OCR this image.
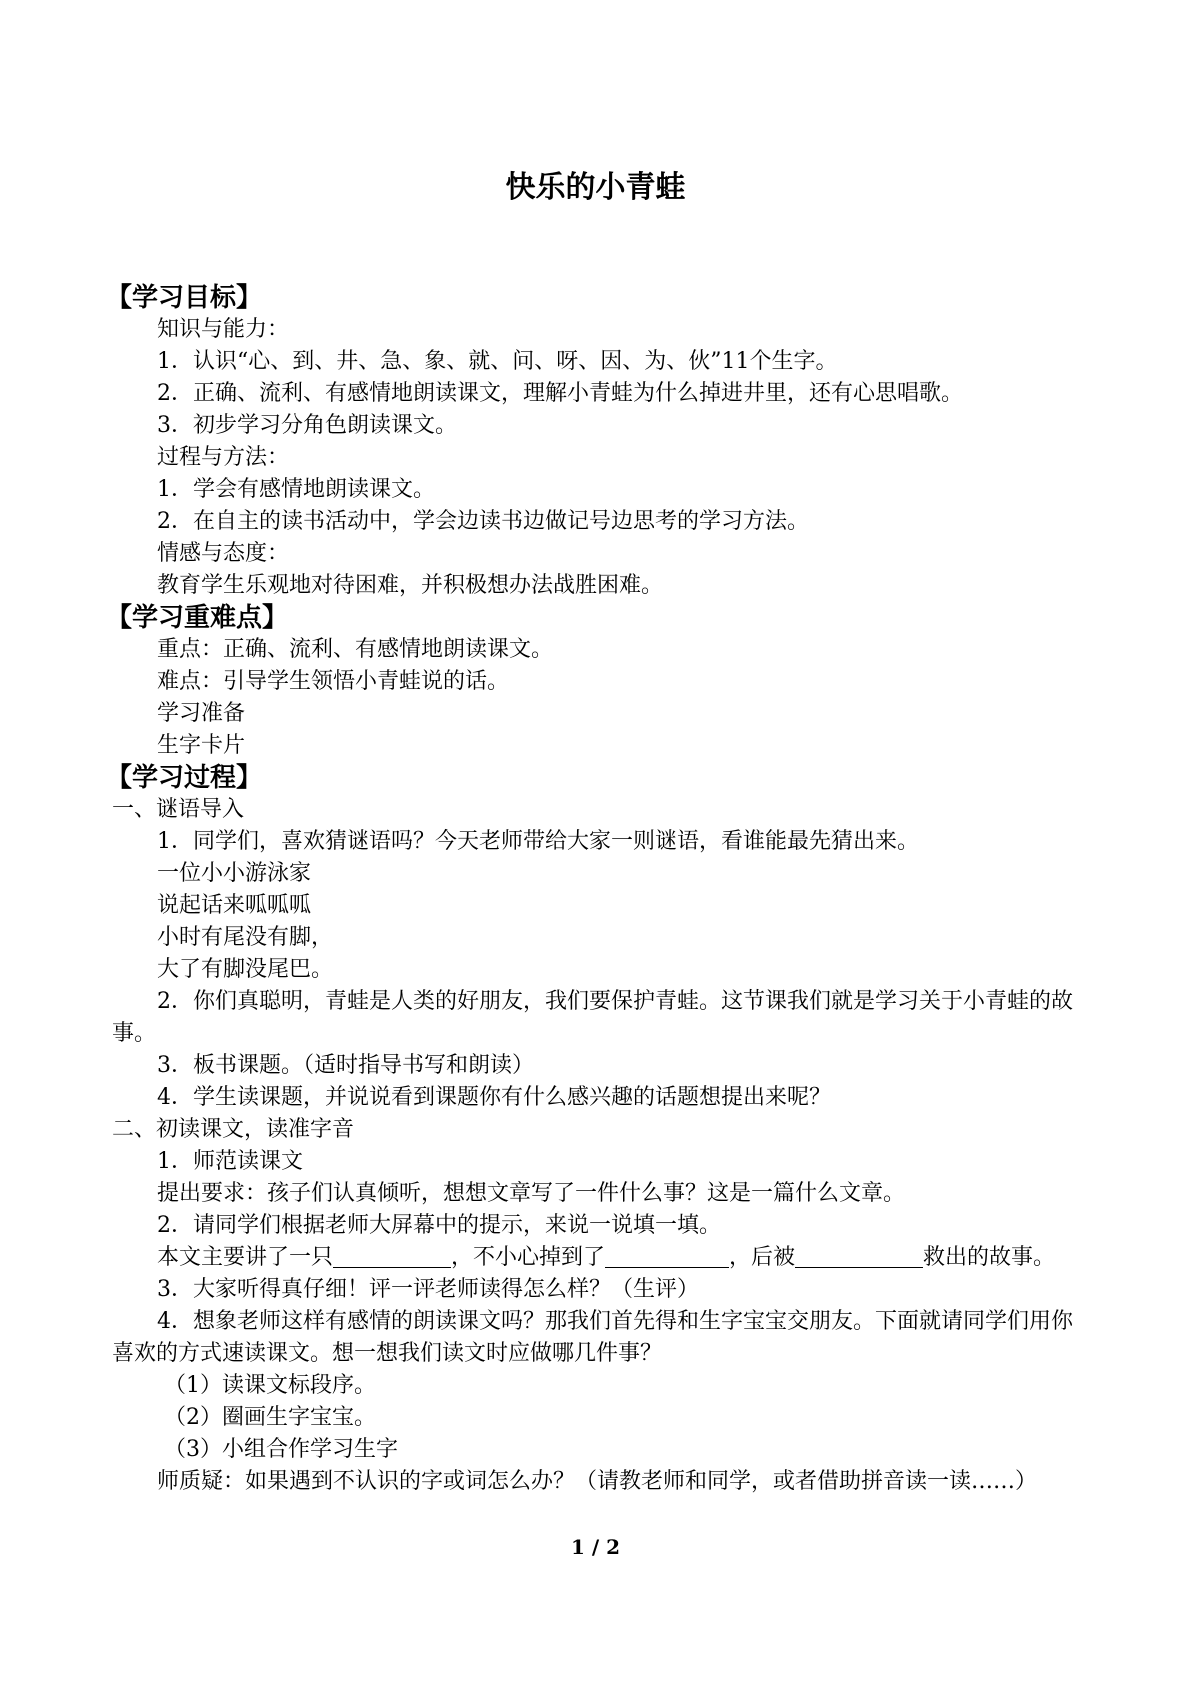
快乐的小青蛙
【学习目标】
知识与能力：
1．认识“心、到、井、急、象、就、问、呀、因、为、伙”11个生字。
2．正确、流利、有感情地朗读课文，理解小青蛙为什么掉进井里，还有心思唱歌。
3．初步学习分角色朗读课文。
过程与方法：
1．学会有感情地朗读课文。
2．在自主的读书活动中，学会边读书边做记号边思考的学习方法。
情感与态度：
教育学生乐观地对待困难，并积极想办法战胜困难。
【学习重难点】
重点：正确、流利、有感情地朗读课文。
难点：引导学生领悟小青蛙说的话。
学习准备
生字卡片
【学习过程】
一、谜语导入
1．同学们，喜欢猜谜语吗？今天老师带给大家一则谜语，看谁能最先猜出来。
一位小小游泳家
说起话来呱呱呱
小时有尾没有脚，
大了有脚没尾巴。
2．你们真聪明，青蛙是人类的好朋友，我们要保护青蛙。这节课我们就是学习关于小青蛙的故事。
3．板书课题。（适时指导书写和朗读）
4．学生读课题，并说说看到课题你有什么感兴趣的话题想提出来呢？
二、初读课文，读准字音
1．师范读课文
提出要求：孩子们认真倾听，想想文章写了一件什么事？这是一篇什么文章。
2．请同学们根据老师大屏幕中的提示，来说一说填一填。
本文主要讲了一只	，不小心掉到了	，后被	救出的故事。
3．大家听得真仔细！评一评老师读得怎么样？（生评）
4．想象老师这样有感情的朗读课文吗？那我们首先得和生字宝宝交朋友。下面就请同学们用你喜欢的方式速读课文。想一想我们读文时应做哪几件事？
（1）读课文标段序。
（2）圈画生字宝宝。
（3）小组合作学习生字
师质疑：如果遇到不认识的字或词怎么办？（请教老师和同学，或者借助拼音读一读……）
1 / 2
